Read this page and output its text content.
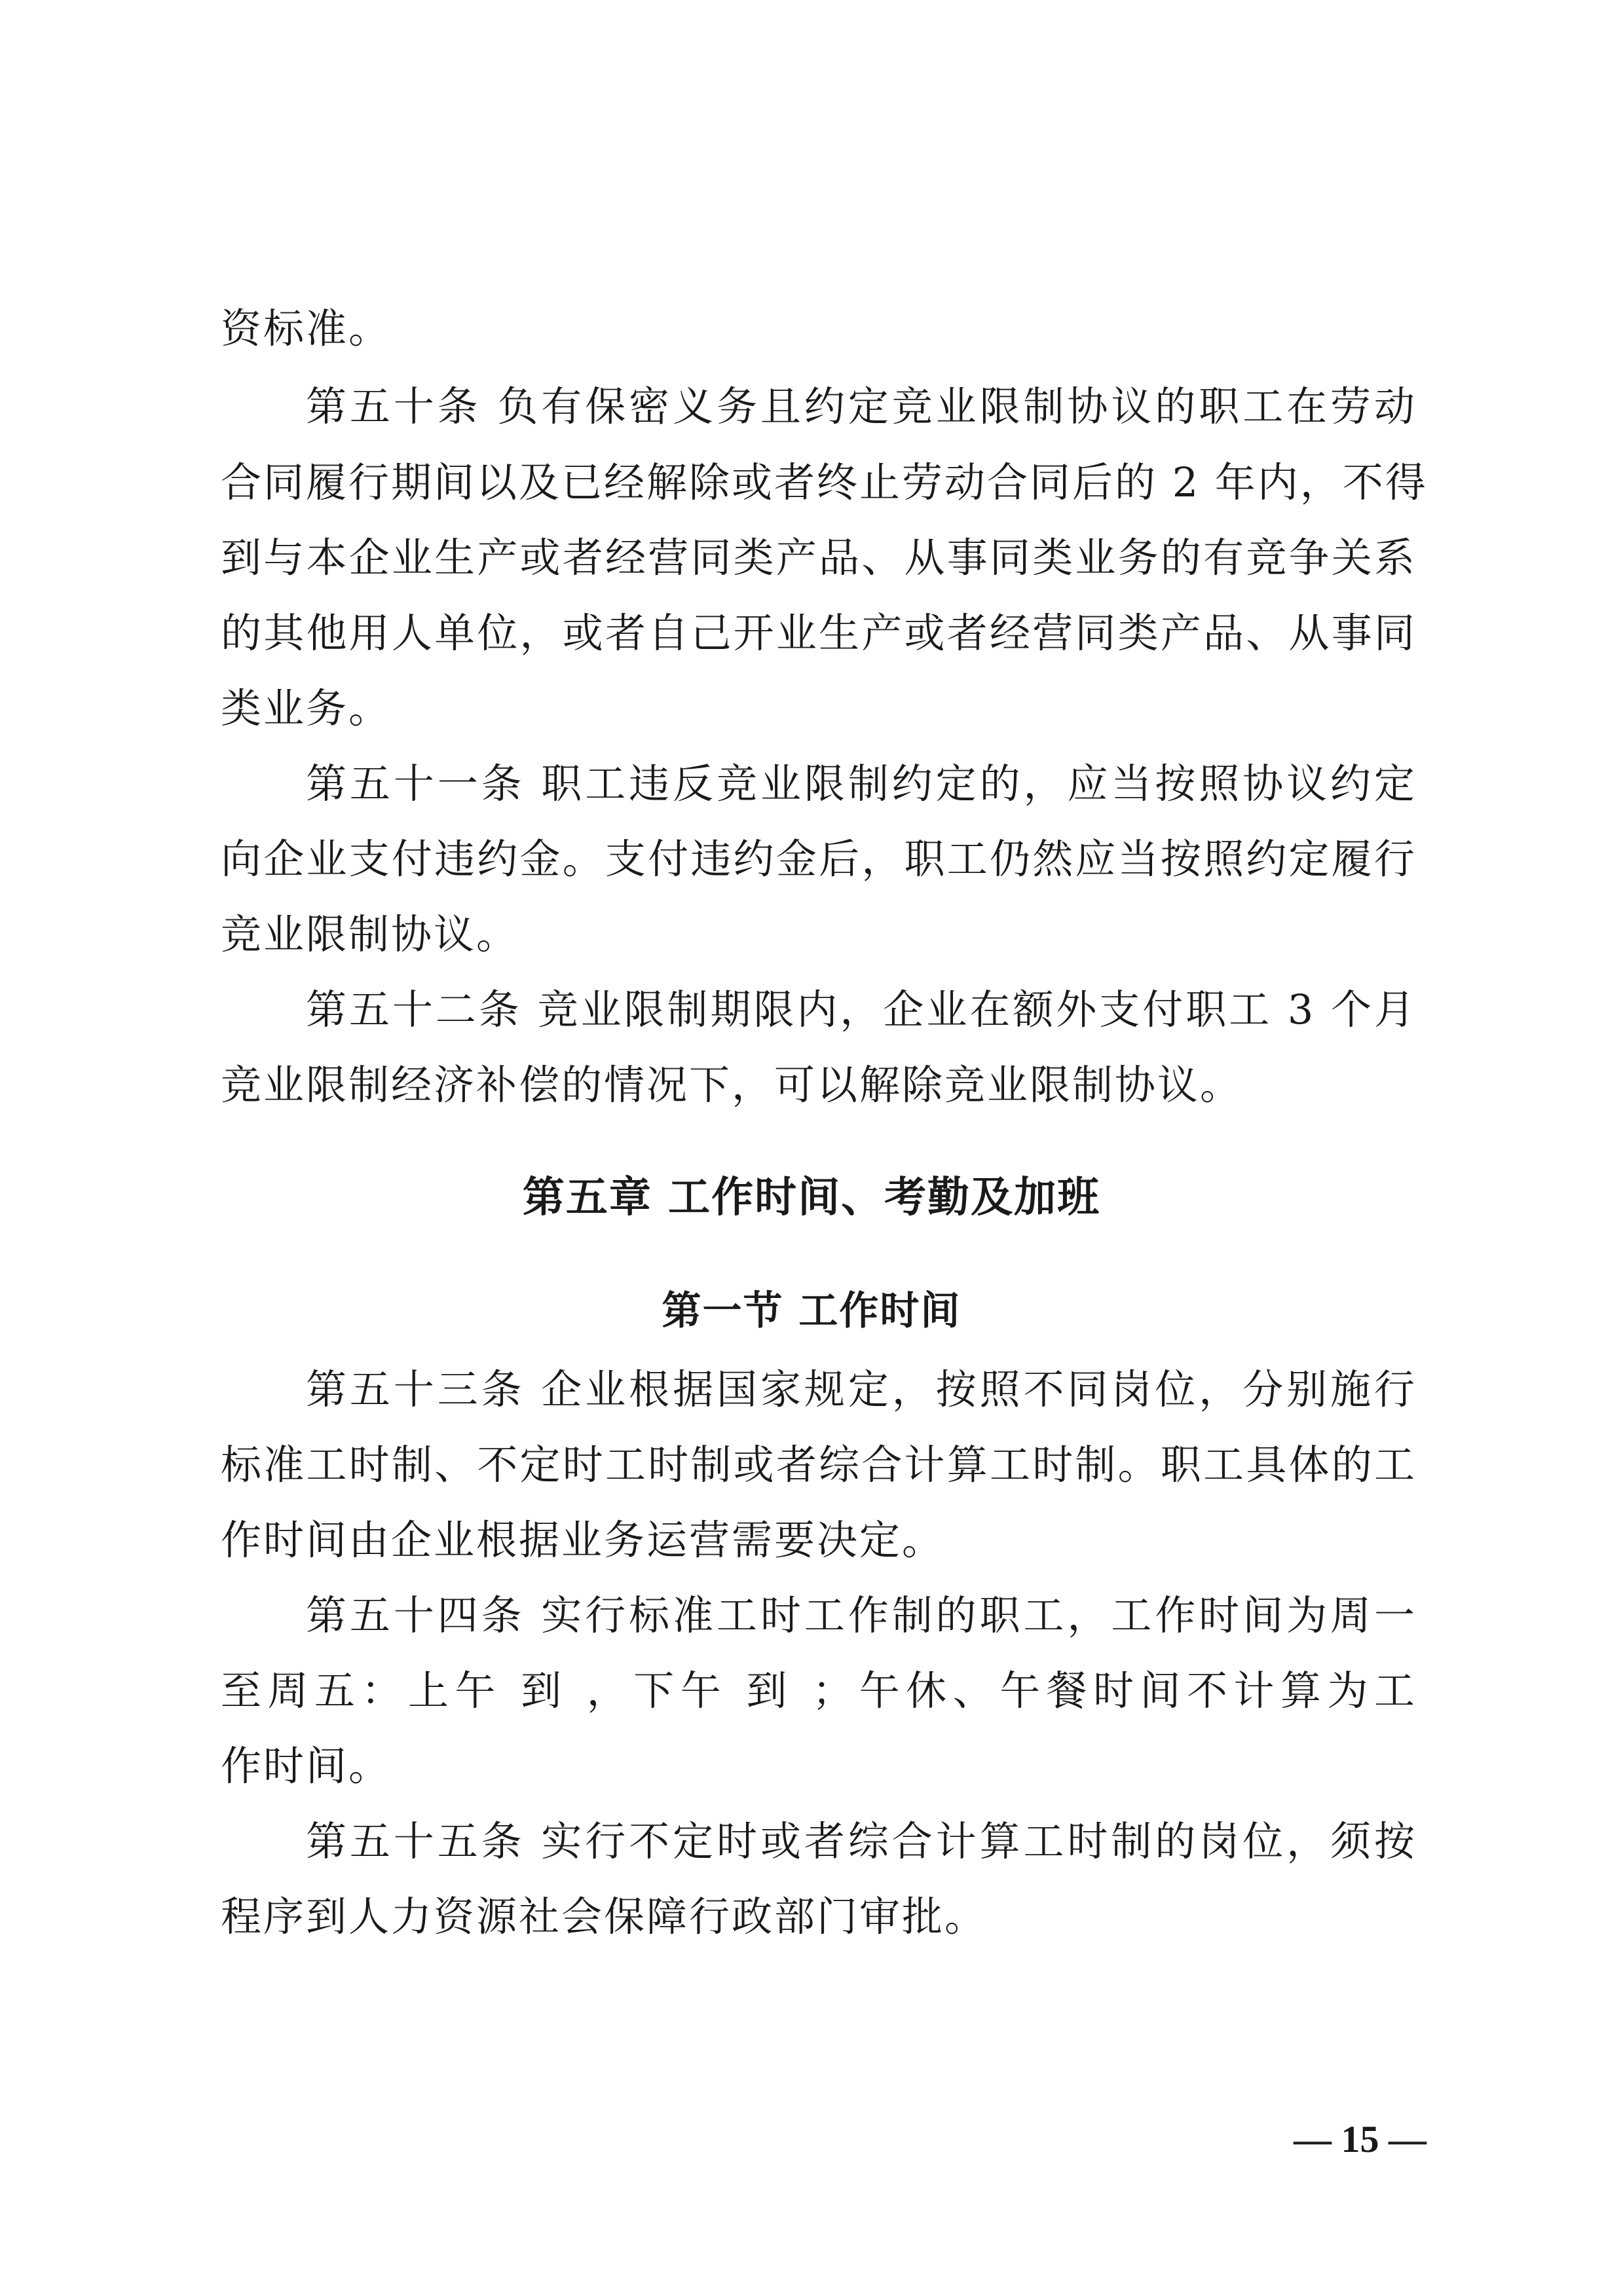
资标准。
第五十条 负有保密义务且约定竞业限制协议的职工在劳动
合同履行期间以及已经解除或者终止劳动合同后的 2 年内，不得
到与本企业生产或者经营同类产品、从事同类业务的有竞争关系
的其他用人单位，或者自己开业生产或者经营同类产品、从事同
类业务。
第五十一条 职工违反竞业限制约定的，应当按照协议约定
向企业支付违约金。支付违约金后，职工仍然应当按照约定履行
竞业限制协议。
第五十二条 竞业限制期限内，企业在额外支付职工 3 个月
竞业限制经济补偿的情况下，可以解除竞业限制协议。
第五章 工作时间、考勤及加班
第一节 工作时间
第五十三条 企业根据国家规定，按照不同岗位，分别施行
标准工时制、不定时工时制或者综合计算工时制。职工具体的工
作时间由企业根据业务运营需要决定。
第五十四条 实行标准工时工作制的职工，工作时间为周一
至周五：上午 到 ，下午 到 ；午休、午餐时间不计算为工
作时间。
第五十五条 实行不定时或者综合计算工时制的岗位，须按
程序到人力资源社会保障行政部门审批。
— 15 —
